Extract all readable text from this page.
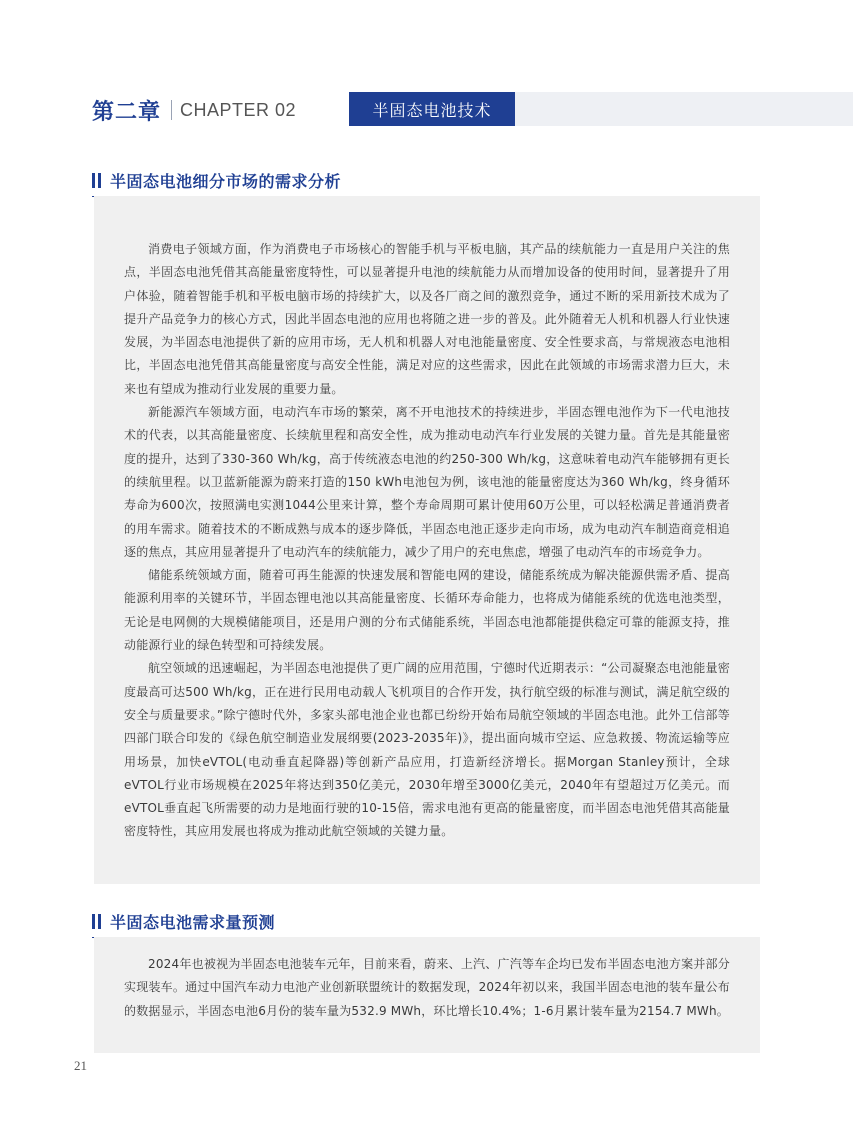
第二章 CHAPTER 02	半固态电池技术
半固态电池细分市场的需求分析

消费电子领域方面，作为消费电子市场核心的智能手机与平板电脑，其产品的续航能力一直是用户关注的焦点，半固态电池凭借其高能量密度特性，可以显著提升电池的续航能力从而增加设备的使用时间，显著提升了用户体验，随着智能手机和平板电脑市场的持续扩大，以及各厂商之间的激烈竞争，通过不断的采用新技术成为了提升产品竞争力的核心方式，因此半固态电池的应用也将随之进一步的普及。此外随着无人机和机器人行业快速发展，为半固态电池提供了新的应用市场，无人机和机器人对电池能量密度、安全性要求高，与常规液态电池相比，半固态电池凭借其高能量密度与高安全性能，满足对应的这些需求，因此在此领域的市场需求潜力巨大，未来也有望成为推动行业发展的重要力量。

新能源汽车领域方面，电动汽车市场的繁荣，离不开电池技术的持续进步，半固态锂电池作为下一代电池技术的代表，以其高能量密度、长续航里程和高安全性，成为推动电动汽车行业发展的关键力量。首先是其能量密度的提升，达到了330-360 Wh/kg，高于传统液态电池的约250-300 Wh/kg，这意味着电动汽车能够拥有更长的续航里程。以卫蓝新能源为蔚来打造的150 kWh电池包为例，该电池的能量密度达为360 Wh/kg，终身循环寿命为600次，按照满电实测1044公里来计算，整个寿命周期可累计使用60万公里，可以轻松满足普通消费者的用车需求。随着技术的不断成熟与成本的逐步降低，半固态电池正逐步走向市场，成为电动汽车制造商竞相追逐的焦点，其应用显著提升了电动汽车的续航能力，减少了用户的充电焦虑，增强了电动汽车的市场竞争力。

储能系统领域方面，随着可再生能源的快速发展和智能电网的建设，储能系统成为解决能源供需矛盾、提高能源利用率的关键环节，半固态锂电池以其高能量密度、长循环寿命能力，也将成为储能系统的优选电池类型，无论是电网侧的大规模储能项目，还是用户测的分布式储能系统，半固态电池都能提供稳定可靠的能源支持，推动能源行业的绿色转型和可持续发展。

航空领域的迅速崛起，为半固态电池提供了更广阔的应用范围，宁德时代近期表示：“公司凝聚态电池能量密度最高可达500 Wh/kg，正在进行民用电动载人飞机项目的合作开发，执行航空级的标准与测试，满足航空级的安全与质量要求。”除宁德时代外，多家头部电池企业也都已纷纷开始布局航空领域的半固态电池。此外工信部等四部门联合印发的《绿色航空制造业发展纲要(2023-2035年)》，提出面向城市空运、应急救援、物流运输等应用场景，加快eVTOL(电动垂直起降器)等创新产品应用，打造新经济增长。据Morgan Stanley预计，全球eVTOL行业市场规模在2025年将达到350亿美元，2030年增至3000亿美元，2040年有望超过万亿美元。而eVTOL垂直起飞所需要的动力是地面行驶的10-15倍，需求电池有更高的能量密度，而半固态电池凭借其高能量密度特性，其应用发展也将成为推动此航空领域的关键力量。

半固态电池需求量预测

2024年也被视为半固态电池装车元年，目前来看，蔚来、上汽、广汽等车企均已发布半固态电池方案并部分实现装车。通过中国汽车动力电池产业创新联盟统计的数据发现，2024年初以来，我国半固态电池的装车量公布的数据显示，半固态电池6月份的装车量为532.9 MWh，环比增长10.4%；1-6月累计装车量为2154.7 MWh。

21
